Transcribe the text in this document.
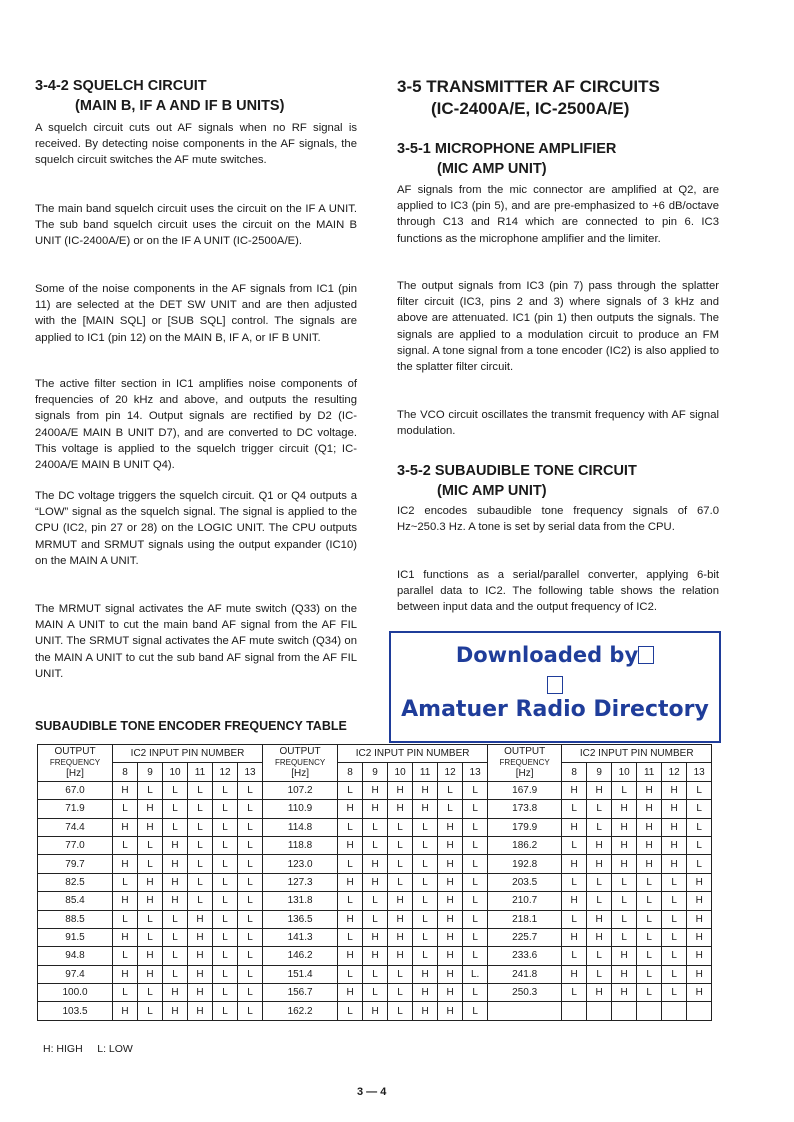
3-4-2 SQUELCH CIRCUIT
(MAIN B, IF A AND IF B UNITS)

A squelch circuit cuts out AF signals when no RF signal is received. By detecting noise components in the AF signals, the squelch circuit switches the AF mute switches.

The main band squelch circuit uses the circuit on the IF A UNIT. The sub band squelch circuit uses the circuit on the MAIN B UNIT (IC-2400A/E) or on the IF A UNIT (IC-2500A/E).

Some of the noise components in the AF signals from IC1 (pin 11) are selected at the DET SW UNIT and are then adjusted with the [MAIN SQL] or [SUB SQL] control. The signals are applied to IC1 (pin 12) on the MAIN B, IF A, or IF B UNIT.

The active filter section in IC1 amplifies noise components of frequencies of 20 kHz and above, and outputs the resulting signals from pin 14. Output signals are rectified by D2 (IC-2400A/E MAIN B UNIT D7), and are converted to DC voltage. This voltage is applied to the squelch trigger circuit (Q1; IC-2400A/E MAIN B UNIT Q4).

The DC voltage triggers the squelch circuit. Q1 or Q4 outputs a “LOW” signal as the squelch signal. The signal is applied to the CPU (IC2, pin 27 or 28) on the LOGIC UNIT. The CPU outputs MRMUT and SRMUT signals using the output expander (IC10) on the MAIN A UNIT.

The MRMUT signal activates the AF mute switch (Q33) on the MAIN A UNIT to cut the main band AF signal from the AF FIL UNIT. The SRMUT signal activates the AF mute switch (Q34) on the MAIN A UNIT to cut the sub band AF signal from the AF FIL UNIT.

3-5 TRANSMITTER AF CIRCUITS
(IC-2400A/E, IC-2500A/E)
3-5-1 MICROPHONE AMPLIFIER
(MIC AMP UNIT)

AF signals from the mic connector are amplified at Q2, are applied to IC3 (pin 5), and are pre-emphasized to +6 dB/octave through C13 and R14 which are connected to pin 6. IC3 functions as the microphone amplifier and the limiter.

The output signals from IC3 (pin 7) pass through the splatter filter circuit (IC3, pins 2 and 3) where signals of 3 kHz and above are attenuated. IC1 (pin 1) then outputs the signals. The signals are applied to a modulation circuit to produce an FM signal. A tone signal from a tone encoder (IC2) is also applied to the splatter filter circuit.

The VCO circuit oscillates the transmit frequency with AF signal modulation.

3-5-2 SUBAUDIBLE TONE CIRCUIT
(MIC AMP UNIT)

IC2 encodes subaudible tone frequency signals of 67.0 Hz~250.3 Hz. A tone is set by serial data from the CPU.

IC1 functions as a serial/parallel converter, applying 6-bit parallel data to IC2. The following table shows the relation between input data and the output frequency of IC2.

Downloaded by
Amatuer Radio Directory

SUBAUDIBLE TONE ENCODER FREQUENCY TABLE

OUTPUT
FREQUENCY
[Hz]	IC2 INPUT PIN NUMBER						OUTPUT
FREQUENCY
[Hz]	IC2 INPUT PIN NUMBER						OUTPUT
FREQUENCY
[Hz]	IC2 INPUT PIN NUMBER					
	8	9	10	11	12	13		8	9	10	11	12	13		8	9	10	11	12	13
67.0	H	L	L	L	L	L	107.2	L	H	H	H	L	L	167.9	H	H	L	H	H	L
71.9	L	H	L	L	L	L	110.9	H	H	H	H	L	L	173.8	L	L	H	H	H	L
74.4	H	H	L	L	L	L	114.8	L	L	L	L	H	L	179.9	H	L	H	H	H	L
77.0	L	L	H	L	L	L	118.8	H	L	L	L	H	L	186.2	L	H	H	H	H	L
79.7	H	L	H	L	L	L	123.0	L	H	L	L	H	L	192.8	H	H	H	H	H	L
82.5	L	H	H	L	L	L	127.3	H	H	L	L	H	L	203.5	L	L	L	L	L	H
85.4	H	H	H	L	L	L	131.8	L	L	H	L	H	L	210.7	H	L	L	L	L	H
88.5	L	L	L	H	L	L	136.5	H	L	H	L	H	L	218.1	L	H	L	L	L	H
91.5	H	L	L	H	L	L	141.3	L	H	H	L	H	L	225.7	H	H	L	L	L	H
94.8	L	H	L	H	L	L	146.2	H	H	H	L	H	L	233.6	L	L	H	L	L	H
97.4	H	H	L	H	L	L	151.4	L	L	L	H	H	L.	241.8	H	L	H	L	L	H
100.0	L	L	H	H	L	L	156.7	H	L	L	H	H	L	250.3	L	H	H	L	L	H
103.5	H	L	H	H	L	L	162.2	L	H	L	H	H	L							

H: HIGH     L: LOW

3 — 4
